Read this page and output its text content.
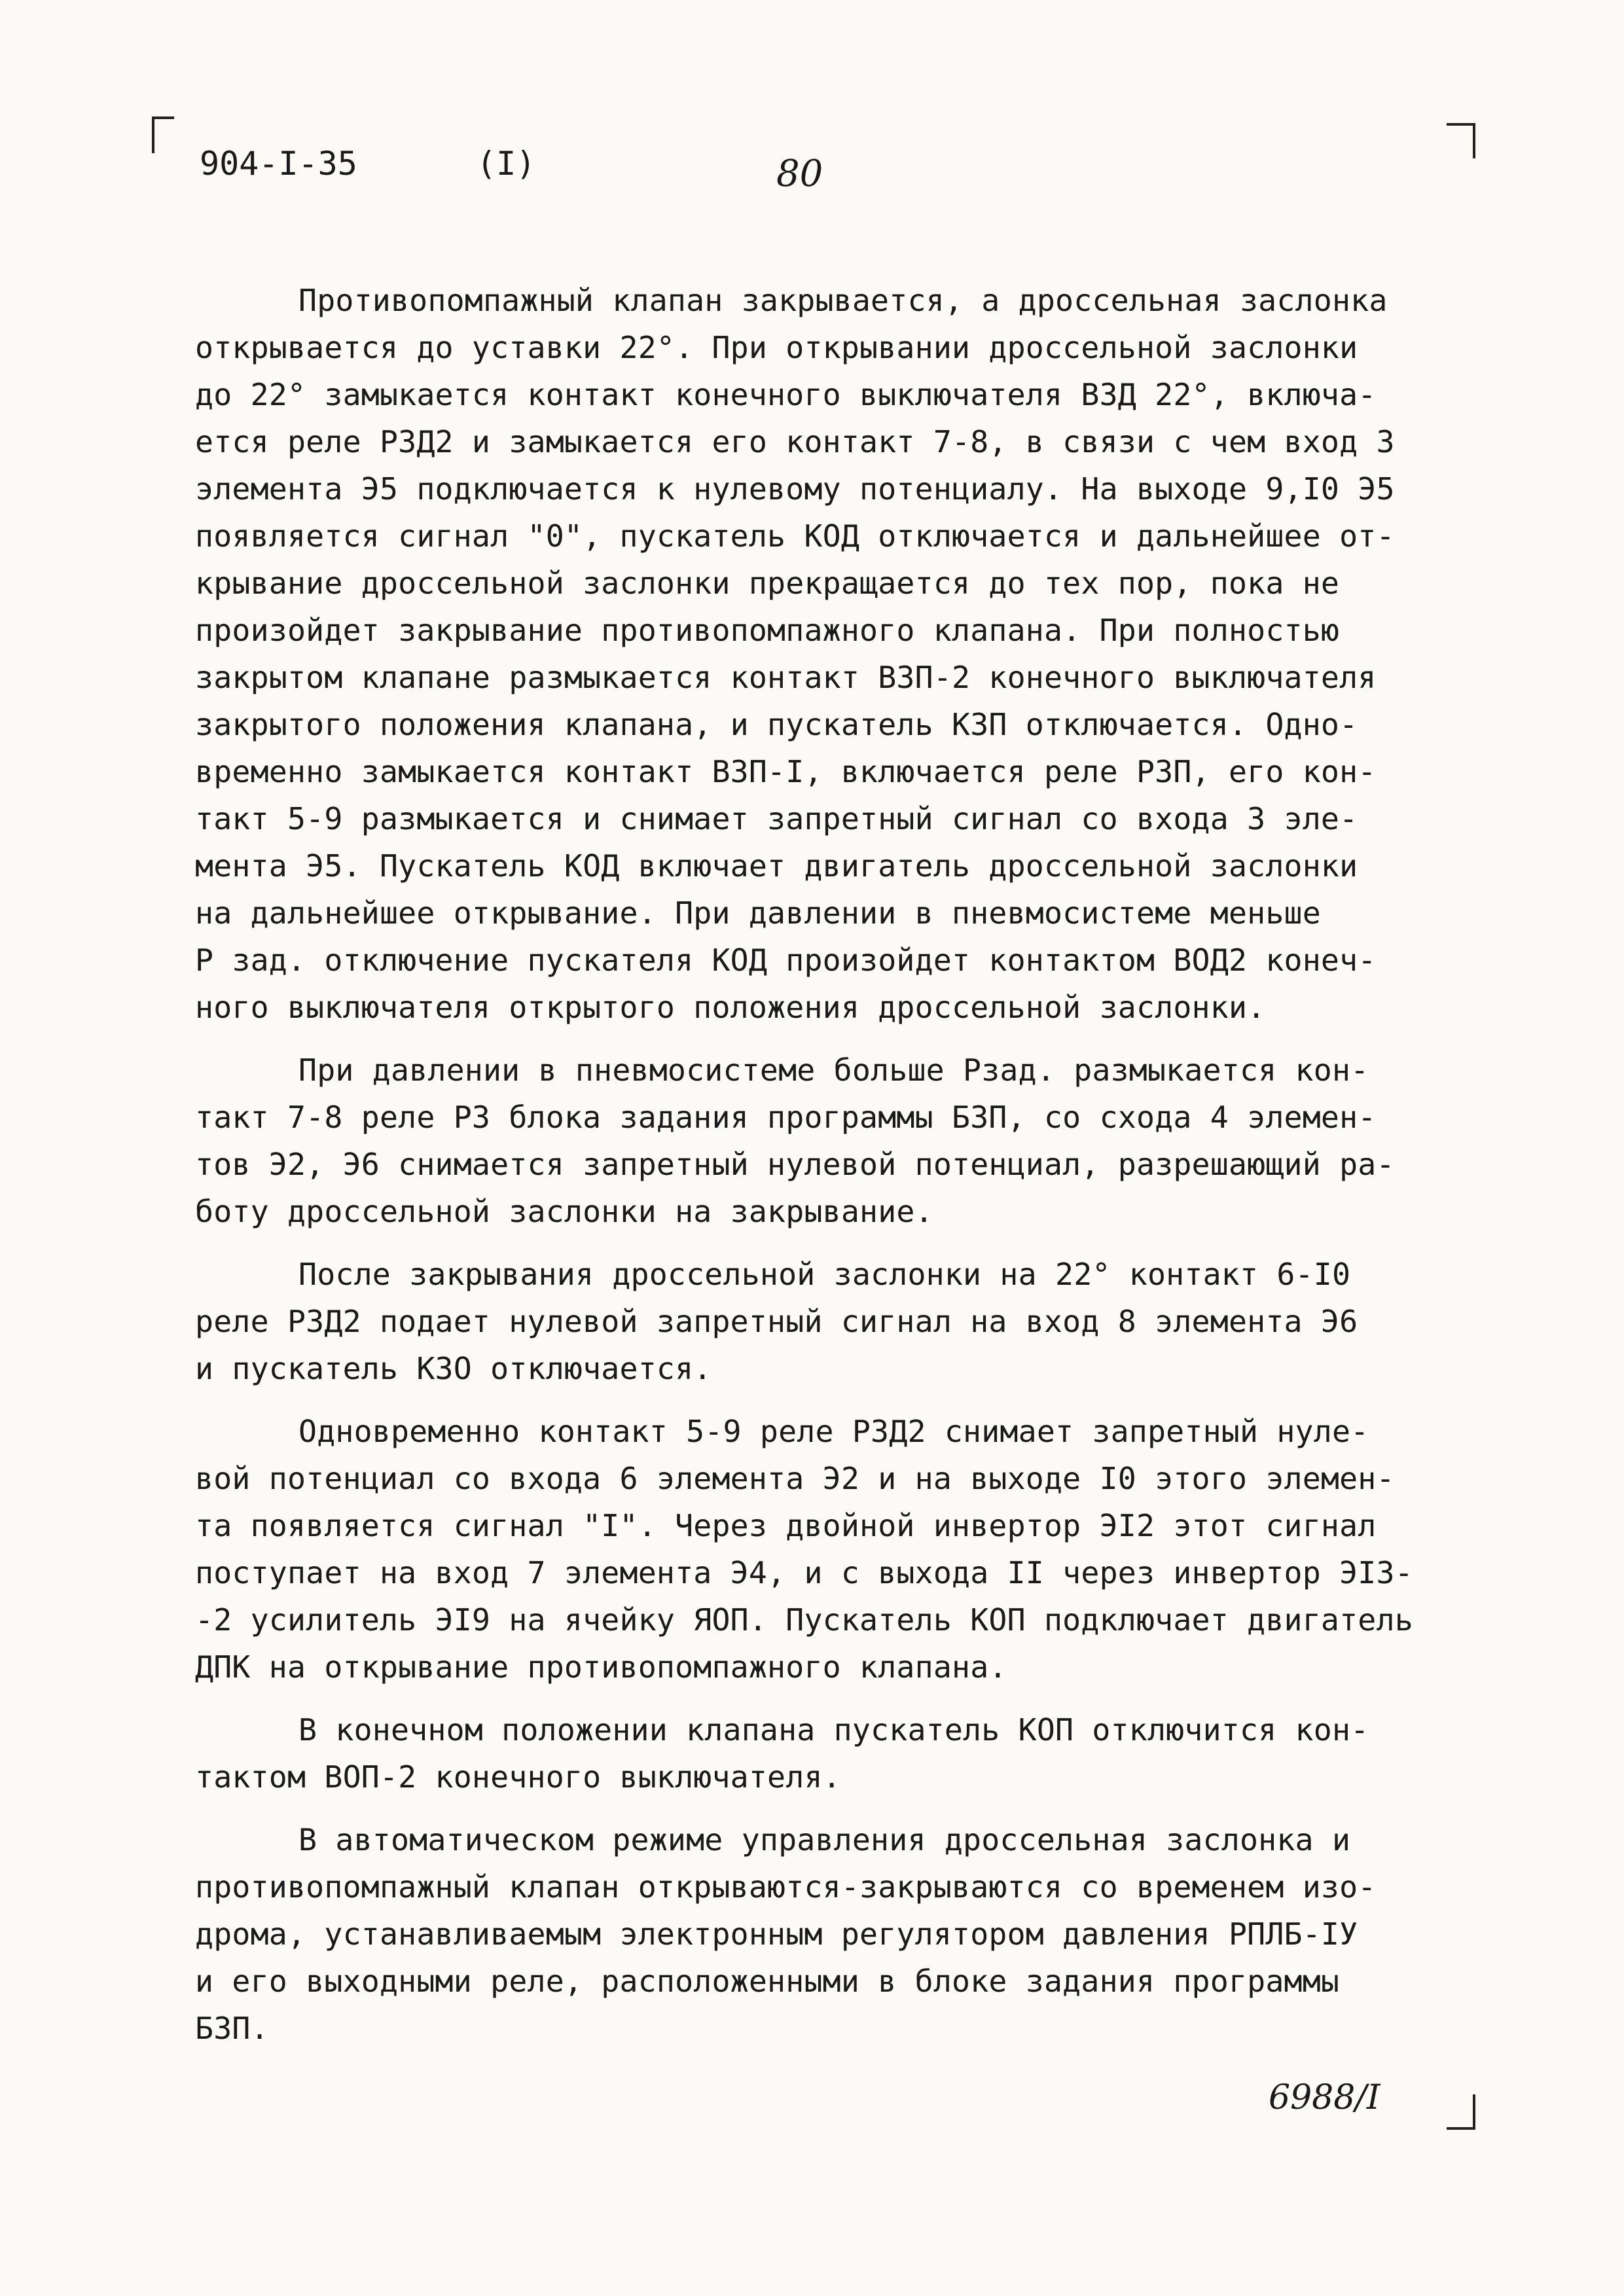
904-I-35	(I)	80
Противопомпажный клапан закрывается, а дроссельная заслонка
открывается до уставки 22°. При открывании дроссельной заслонки
до 22° замыкается контакт конечного выключателя ВЗД 22°, включа-
ется реле РЗД2 и замыкается его контакт 7-8, в связи с чем вход 3
элемента Э5 подключается к нулевому потенциалу. На выходе 9,I0 Э5
появляется сигнал "0", пускатель КОД отключается и дальнейшее от-
крывание дроссельной заслонки прекращается до тех пор, пока не
произойдет закрывание противопомпажного клапана. При полностью
закрытом клапане размыкается контакт ВЗП-2 конечного выключателя
закрытого положения клапана, и пускатель КЗП отключается. Одно-
временно замыкается контакт ВЗП-I, включается реле РЗП, его кон-
такт 5-9 размыкается и снимает запретный сигнал со входа 3 эле-
мента Э5. Пускатель КОД включает двигатель дроссельной заслонки
на дальнейшее открывание. При давлении в пневмосистеме меньше
Р зад. отключение пускателя КОД произойдет контактом ВОД2 конеч-
ного выключателя открытого положения дроссельной заслонки.
При давлении в пневмосистеме больше Рзад. размыкается кон-
такт 7-8 реле Р3 блока задания программы БЗП, со схода 4 элемен-
тов Э2, Э6 снимается запретный нулевой потенциал, разрешающий ра-
боту дроссельной заслонки на закрывание.
После закрывания дроссельной заслонки на 22° контакт 6-I0
реле РЗД2 подает нулевой запретный сигнал на вход 8 элемента Э6
и пускатель КЗО отключается.
Одновременно контакт 5-9 реле РЗД2 снимает запретный нуле-
вой потенциал со входа 6 элемента Э2 и на выходе I0 этого элемен-
та появляется сигнал "I". Через двойной инвертор ЭI2 этот сигнал
поступает на вход 7 элемента Э4, и с выхода II через инвертор ЭI3-
-2 усилитель ЭI9 на ячейку ЯОП. Пускатель КОП подключает двигатель
ДПК на открывание противопомпажного клапана.
В конечном положении клапана пускатель КОП отключится кон-
тактом ВОП-2 конечного выключателя.
В автоматическом режиме управления дроссельная заслонка и
противопомпажный клапан открываются-закрываются со временем изо-
дрома, устанавливаемым электронным регулятором давления РПЛБ-IУ
и его выходными реле, расположенными в блоке задания программы
БЗП.
6988/I
